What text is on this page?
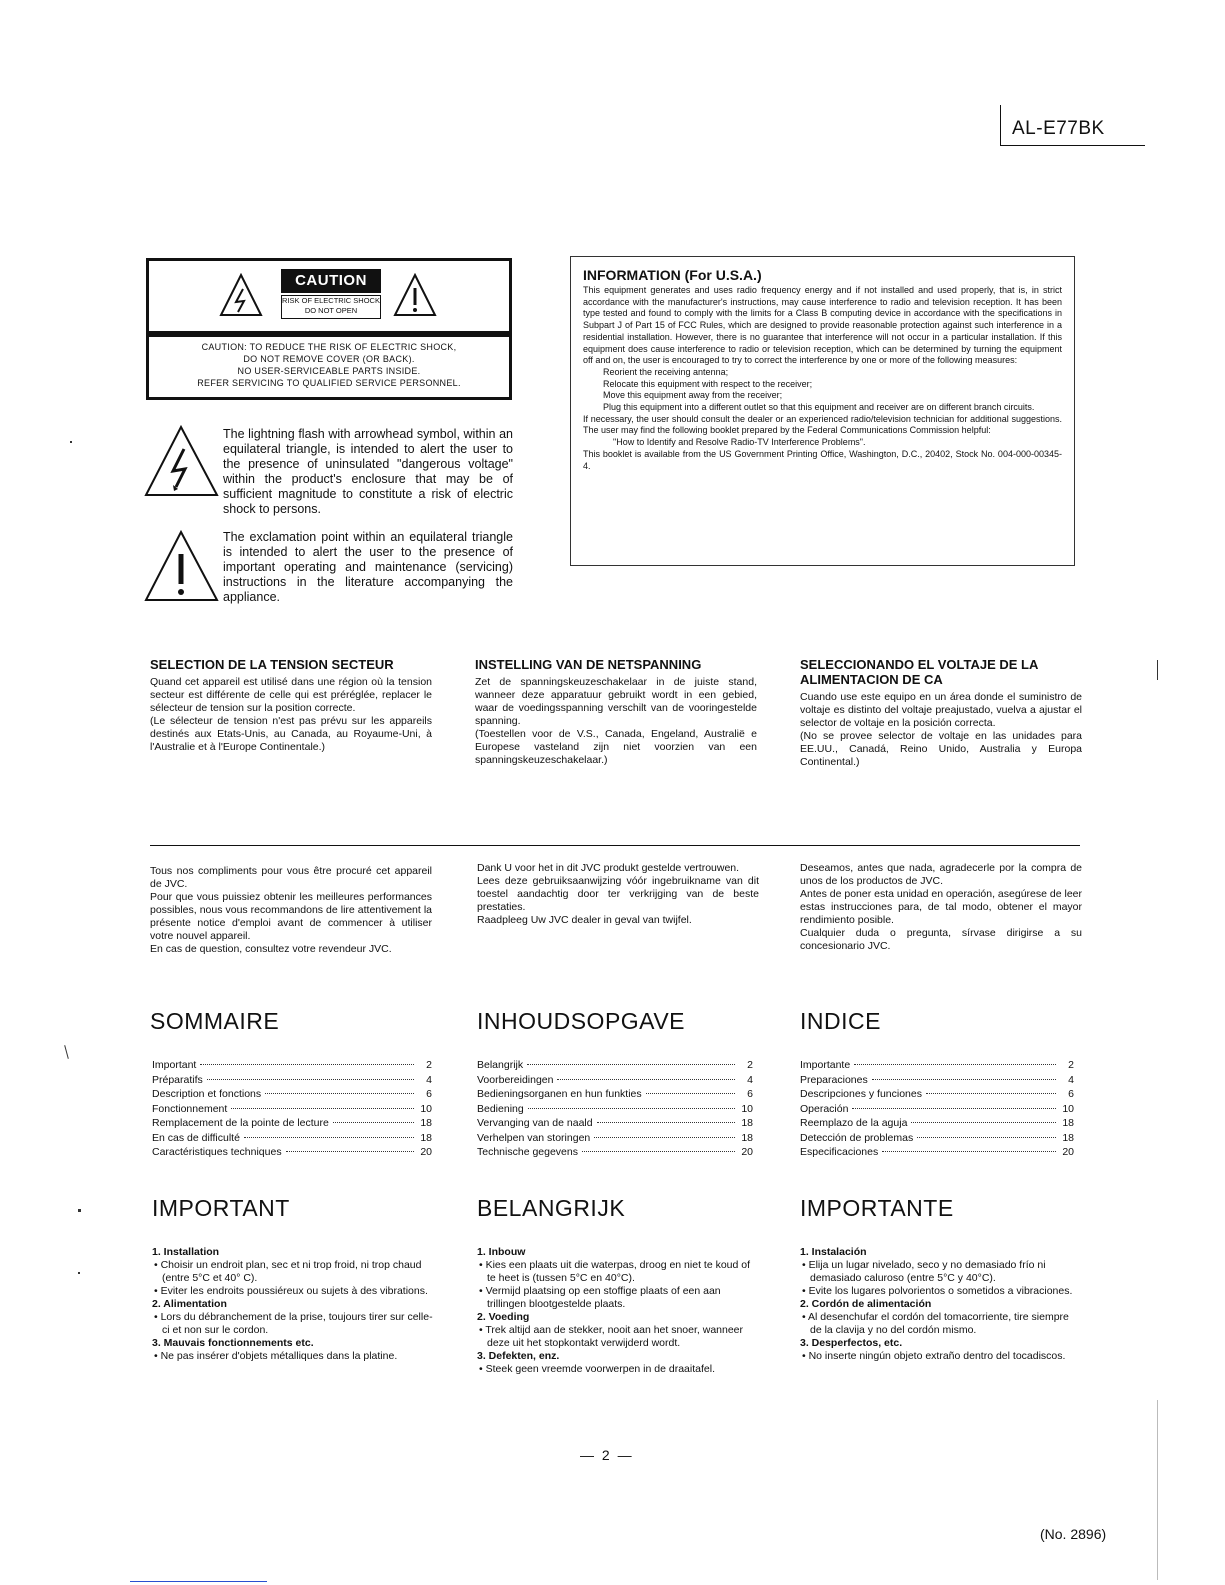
AL-E77BK
CAUTION
RISK OF ELECTRIC SHOCK
DO NOT OPEN
CAUTION: TO REDUCE THE RISK OF ELECTRIC SHOCK,
DO NOT REMOVE COVER (OR BACK).
NO USER-SERVICEABLE PARTS INSIDE.
REFER SERVICING TO QUALIFIED SERVICE PERSONNEL.
The lightning flash with arrowhead symbol, within an equilateral triangle, is intended to alert the user to the presence of uninsulated "dangerous voltage" within the product's enclosure that may be of sufficient magnitude to constitute a risk of electric shock to persons.
The exclamation point within an equilateral triangle is intended to alert the user to the presence of important operating and maintenance (servicing) instructions in the literature accompanying the appliance.
INFORMATION (For U.S.A.)

This equipment generates and uses radio frequency energy and if not installed and used properly, that is, in strict accordance with the manufacturer's instructions, may cause interference to radio and television reception. It has been type tested and found to comply with the limits for a Class B computing device in accordance with the specifications in Subpart J of Part 15 of FCC Rules, which are designed to provide reasonable protection against such interference in a residential installation. However, there is no guarantee that interference will not occur in a particular installation. If this equipment does cause interference to radio or television reception, which can be determined by turning the equipment off and on, the user is encouraged to try to correct the interference by one or more of the following measures:

Reorient the receiving antenna;

Relocate this equipment with respect to the receiver;

Move this equipment away from the receiver;

Plug this equipment into a different outlet so that this equipment and receiver are on different branch circuits.

If necessary, the user should consult the dealer or an experienced radio/television technician for additional suggestions. The user may find the following booklet prepared by the Federal Communications Commission helpful:

"How to Identify and Resolve Radio-TV Interference Problems".

This booklet is available from the US Government Printing Office, Washington, D.C., 20402, Stock No. 004-000-00345-4.

SELECTION DE LA TENSION SECTEUR

Quand cet appareil est utilisé dans une région où la tension secteur est différente de celle qui est préréglée, replacer le sélecteur de tension sur la position correcte.

(Le sélecteur de tension n'est pas prévu sur les appareils destinés aux Etats-Unis, au Canada, au Royaume-Uni, à l'Australie et à l'Europe Continentale.)

INSTELLING VAN DE NETSPANNING

Zet de spanningskeuzeschakelaar in de juiste stand, wanneer deze apparatuur gebruikt wordt in een gebied, waar de voedingsspanning verschilt van de vooringestelde spanning.

(Toestellen voor de V.S., Canada, Engeland, Australië e Europese vasteland zijn niet voorzien van een spanningskeuzeschakelaar.)

SELECCIONANDO EL VOLTAJE DE LA ALIMENTACION DE CA

Cuando use este equipo en un área donde el suministro de voltaje es distinto del voltaje preajustado, vuelva a ajustar el selector de voltaje en la posición correcta.

(No se provee selector de voltaje en las unidades para EE.UU., Canadá, Reino Unido, Australia y Europa Continental.)

Tous nos compliments pour vous être procuré cet appareil de JVC.

Pour que vous puissiez obtenir les meilleures performances possibles, nous vous recommandons de lire attentivement la présente notice d'emploi avant de commencer à utiliser votre nouvel appareil.

En cas de question, consultez votre revendeur JVC.

Dank U voor het in dit JVC produkt gestelde vertrouwen.

Lees deze gebruiksaanwijzing vóór ingebruikname van dit toestel aandachtig door ter verkrijging van de beste prestaties.

Raadpleeg Uw JVC dealer in geval van twijfel.

Deseamos, antes que nada, agradecerle por la compra de unos de los productos de JVC.

Antes de poner esta unidad en operación, asegúrese de leer estas instrucciones para, de tal modo, obtener el mayor rendimiento posible.

Cualquier duda o pregunta, sírvase dirigirse a su concesionario JVC.

SOMMAIRE	INHOUDSOPGAVE	INDICE
Important	2
Préparatifs	4
Description et fonctions	6
Fonctionnement	10
Remplacement de la pointe de lecture	18
En cas de difficulté	18
Caractéristiques techniques	20
Belangrijk	2
Voorbereidingen	4
Bedieningsorganen en hun funkties	6
Bediening	10
Vervanging van de naald	18
Verhelpen van storingen	18
Technische gegevens	20
Importante	2
Preparaciones	4
Descripciones y funciones	6
Operación	10
Reemplazo de la aguja	18
Detección de problemas	18
Especificaciones	20
IMPORTANT	BELANGRIJK	IMPORTANTE
1. Installation
• Choisir un endroit plan, sec et ni trop froid, ni trop chaud (entre 5°C et 40° C).
• Eviter les endroits poussiéreux ou sujets à des vibrations.
2. Alimentation
• Lors du débranchement de la prise, toujours tirer sur celle-ci et non sur le cordon.
3. Mauvais fonctionnements etc.
• Ne pas insérer d'objets métalliques dans la platine.
1. Inbouw
• Kies een plaats uit die waterpas, droog en niet te koud of te heet is (tussen 5°C en 40°C).
• Vermijd plaatsing op een stoffige plaats of een aan trillingen blootgestelde plaats.
2. Voeding
• Trek altijd aan de stekker, nooit aan het snoer, wanneer deze uit het stopkontakt verwijderd wordt.
3. Defekten, enz.
• Steek geen vreemde voorwerpen in de draaitafel.
1. Instalación
• Elija un lugar nivelado, seco y no demasiado frío ni demasiado caluroso (entre 5°C y 40°C).
• Evite los lugares polvorientos o sometidos a vibraciones.
2. Cordón de alimentación
• Al desenchufar el cordón del tomacorriente, tire siempre de la clavija y no del cordón mismo.
3. Desperfectos, etc.
• No inserte ningún objeto extraño dentro del tocadiscos.
— 2 —
(No. 2896)
